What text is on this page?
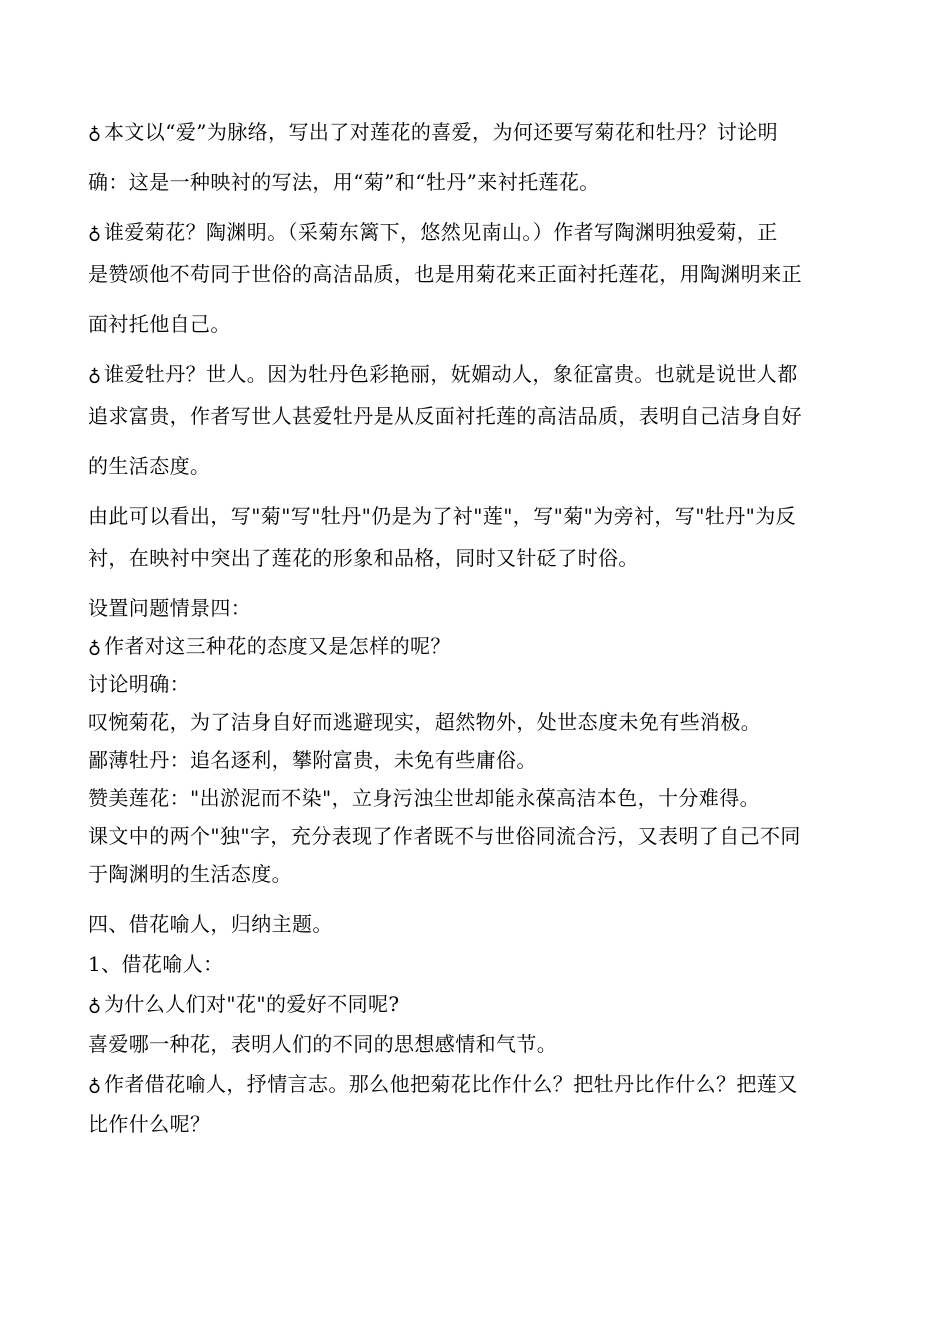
♁ 本文以“爱”为脉络，写出了对莲花的喜爱，为何还要写菊花和牡丹？讨论明
确：这是一种映衬的写法，用“菊”和“牡丹”来衬托莲花。
♁ 谁爱菊花？陶渊明。（采菊东篱下，悠然见南山。）作者写陶渊明独爱菊，正
是赞颂他不苟同于世俗的高洁品质，也是用菊花来正面衬托莲花，用陶渊明来正
面衬托他自己。
♁ 谁爱牡丹？世人。因为牡丹色彩艳丽，妩媚动人，象征富贵。也就是说世人都
追求富贵，作者写世人甚爱牡丹是从反面衬托莲的高洁品质，表明自己洁身自好
的生活态度。
由此可以看出，写"菊"写"牡丹"仍是为了衬"莲"，写"菊"为旁衬，写"牡丹"为反
衬，在映衬中突出了莲花的形象和品格，同时又针砭了时俗。
设置问题情景四：
♁ 作者对这三种花的态度又是怎样的呢？
讨论明确：
叹惋菊花，为了洁身自好而逃避现实，超然物外，处世态度未免有些消极。
鄙薄牡丹：追名逐利，攀附富贵，未免有些庸俗。
赞美莲花："出淤泥而不染"，立身污浊尘世却能永葆高洁本色，十分难得。
课文中的两个"独"字，充分表现了作者既不与世俗同流合污，又表明了自己不同
于陶渊明的生活态度。
四、借花喻人，归纳主题。
1、借花喻人：
♁ 为什么人们对"花"的爱好不同呢?
喜爱哪一种花，表明人们的不同的思想感情和气节。
♁ 作者借花喻人，抒情言志。那么他把菊花比作什么？把牡丹比作什么？把莲又
比作什么呢？
